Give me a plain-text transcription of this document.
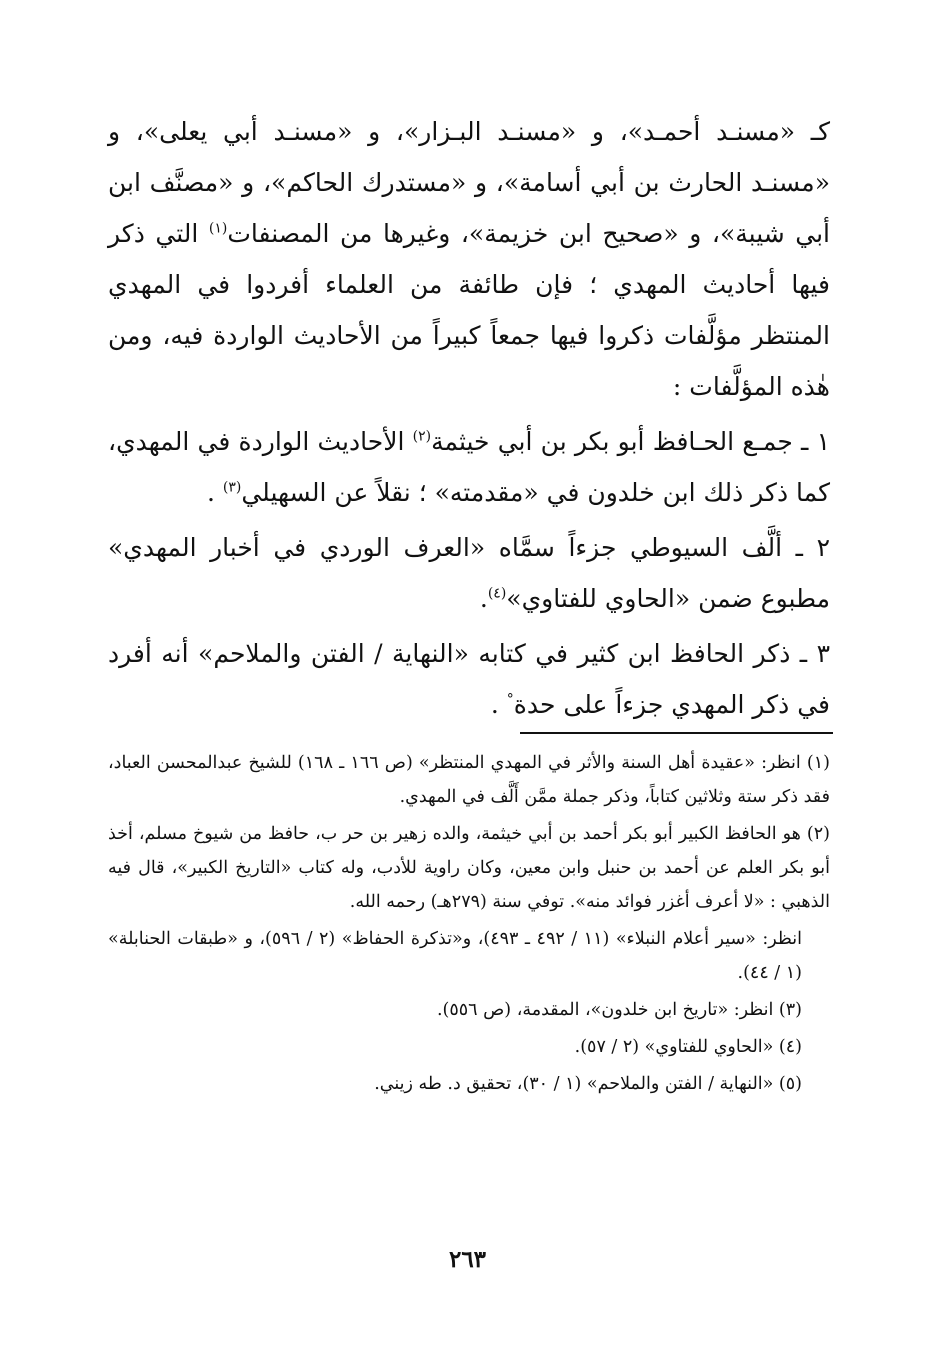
كـ «مسنـد أحمـد»، و «مسنـد البـزار»، و «مسنـد أبي يعلى»، و «مسنـد الحارث بن أبي أسامة»، و «مستدرك الحاكم»، و «مصنَّف ابن أبي شيبة»، و «صحيح ابن خزيمة»، وغيرها من المصنفات$^{(١)}$ التي ذكر فيها أحاديث المهدي ؛ فإن طائفة من العلماء أفردوا في المهدي المنتظر مؤلَّفات ذكروا فيها جمعاً كبيراً من الأحاديث الواردة فيه، ومن هٰذه المؤلَّفات :

١ ـ جمـع الحـافظ أبو بكر بن أبي خيثمة$^{(٢)}$ الأحاديث الواردة في المهدي، كما ذكر ذلك ابن خلدون في «مقدمته» ؛ نقلاً عن السهيلي$^{(٣)}$ .

٢ ـ ألَّف السيوطي جزءاً سمَّاه «العرف الوردي في أخبار المهدي» مطبوع ضمن «الحاوي للفتاوي»$^{(٤)}$.

٣ ـ ذكر الحافظ ابن كثير في كتابه «النهاية / الفتن والملاحم» أنه أفرد في ذكر المهدي جزءاً على حدة° .

(١) انظر: «عقيدة أهل السنة والأثر في المهدي المنتظر» (ص ١٦٦ ـ ١٦٨) للشيخ عبدالمحسن العباد، فقد ذكر ستة وثلاثين كتاباً، وذكر جملة ممَّن أَلَّف في المهدي.

(٢) هو الحافظ الكبير أبو بكر أحمد بن أبي خيثمة، والده زهير بن حر ب، حافظ من شيوخ مسلم، أخذ أبو بكر العلم عن أحمد بن حنبل وابن معين، وكان راوية للأدب، وله كتاب «التاريخ الكبير»، قال فيه الذهبي : «لا أعرف أغزر فوائد منه». توفي سنة (٢٧٩هـ) رحمه الله.

انظر: «سير أعلام النبلاء» (١١ / ٤٩٢ ـ ٤٩٣)، و«تذكرة الحفاظ» (٢ / ٥٩٦)، و «طبقات الحنابلة» (١ / ٤٤).

(٣) انظر: «تاريخ ابن خلدون»، المقدمة، (ص ٥٥٦).

(٤) «الحاوي للفتاوي» (٢ / ٥٧).

(٥) «النهاية / الفتن والملاحم» (١ / ٣٠)، تحقيق د. طه زيني.

٢٦٣
